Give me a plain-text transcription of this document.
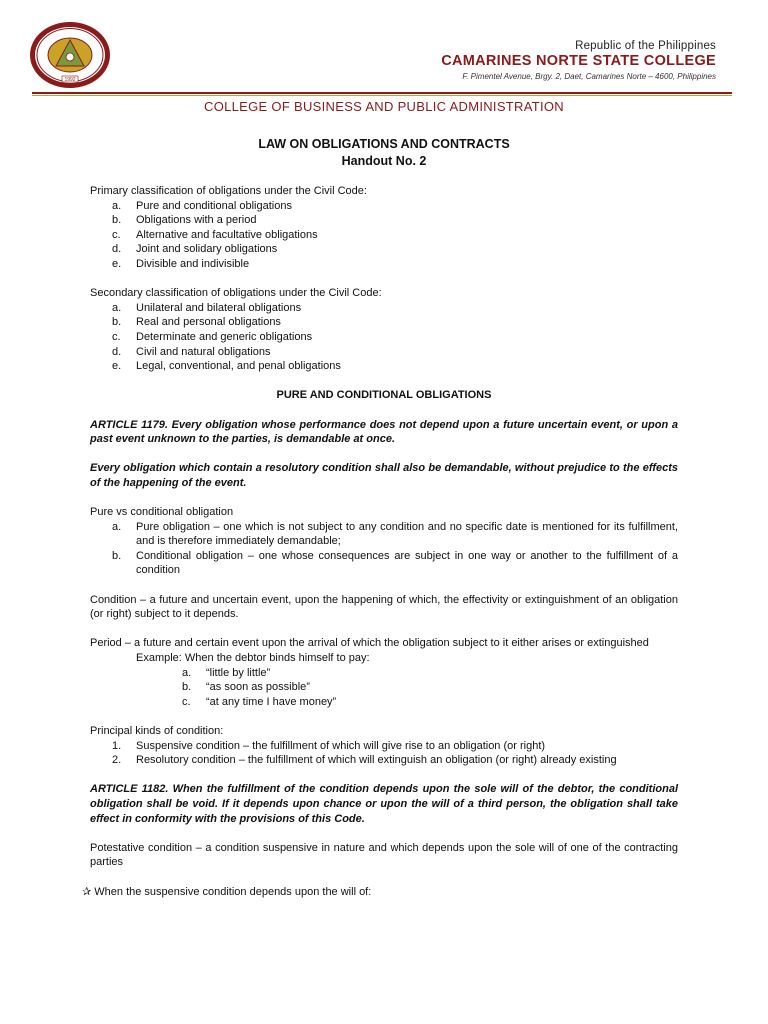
1992
Republic of the Philippines
CAMARINES NORTE STATE COLLEGE
F. Pimentel Avenue, Brgy. 2, Daet, Camarines Norte – 4600, Philippines
COLLEGE OF BUSINESS AND PUBLIC ADMINISTRATION
LAW ON OBLIGATIONS AND CONTRACTS
Handout No. 2

Primary classification of obligations under the Civil Code:

a. Pure and conditional obligations
b. Obligations with a period
c. Alternative and facultative obligations
d. Joint and solidary obligations
e. Divisible and indivisible

Secondary classification of obligations under the Civil Code:

a. Unilateral and bilateral obligations
b. Real and personal obligations
c. Determinate and generic obligations
d. Civil and natural obligations
e. Legal, conventional, and penal obligations

PURE AND CONDITIONAL OBLIGATIONS

ARTICLE 1179. Every obligation whose performance does not depend upon a future uncertain event, or upon a past event unknown to the parties, is demandable at once.

Every obligation which contain a resolutory condition shall also be demandable, without prejudice to the effects of the happening of the event.

Pure vs conditional obligation

a. Pure obligation – one which is not subject to any condition and no specific date is mentioned for its fulfillment, and is therefore immediately demandable;
b. Conditional obligation – one whose consequences are subject in one way or another to the fulfillment of a condition

Condition – a future and uncertain event, upon the happening of which, the effectivity or extinguishment of an obligation (or right) subject to it depends.

Period – a future and certain event upon the arrival of which the obligation subject to it either arises or extinguished

Example: When the debtor binds himself to pay:

a. “little by little”
b. “as soon as possible”
c. “at any time I have money”

Principal kinds of condition:

1. Suspensive condition – the fulfillment of which will give rise to an obligation (or right)
2. Resolutory condition – the fulfillment of which will extinguish an obligation (or right) already existing

ARTICLE 1182. When the fulfillment of the condition depends upon the sole will of the debtor, the conditional obligation shall be void. If it depends upon chance or upon the will of a third person, the obligation shall take effect in conformity with the provisions of this Code.

Potestative condition – a condition suspensive in nature and which depends upon the sole will of one of the contracting parties

✰ When the suspensive condition depends upon the will of:
